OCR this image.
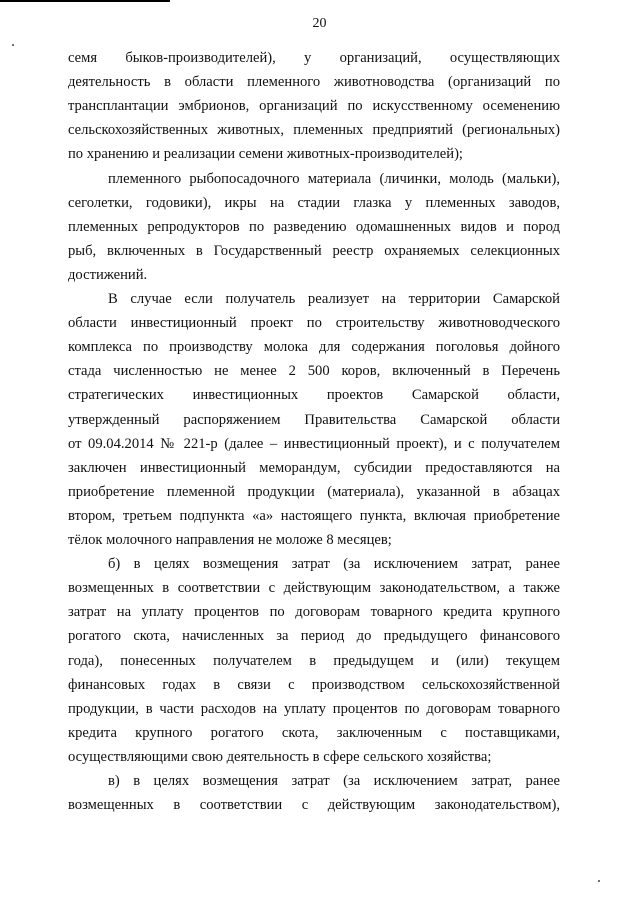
20
семя быков-производителей), у организаций, осуществляющих
деятельность в области племенного животноводства (организаций по
трансплантации эмбрионов, организаций по искусственному осеменению
сельскохозяйственных животных, племенных предприятий (региональных)
по хранению и реализации семени животных-производителей);
племенного рыбопосадочного материала (личинки, молодь (мальки),
сеголетки, годовики), икры на стадии глазка у племенных заводов,
племенных репродукторов по разведению одомашненных видов и пород
рыб, включенных в Государственный реестр охраняемых селекционных
достижений.
В случае если получатель реализует на территории Самарской
области инвестиционный проект по строительству животноводческого
комплекса по производству молока для содержания поголовья дойного
стада численностью не менее 2 500 коров, включенный в Перечень
стратегических инвестиционных проектов Самарской области,
утвержденный распоряжением Правительства Самарской области
от 09.04.2014 № 221-р (далее – инвестиционный проект), и с получателем
заключен инвестиционный меморандум, субсидии предоставляются на
приобретение племенной продукции (материала), указанной в абзацах
втором, третьем подпункта «а» настоящего пункта, включая приобретение
тёлок молочного направления не моложе 8 месяцев;
б) в целях возмещения затрат (за исключением затрат, ранее
возмещенных в соответствии с действующим законодательством, а также
затрат на уплату процентов по договорам товарного кредита крупного
рогатого скота, начисленных за период до предыдущего финансового
года), понесенных получателем в предыдущем и (или) текущем
финансовых годах в связи с производством сельскохозяйственной
продукции, в части расходов на уплату процентов по договорам товарного
кредита крупного рогатого скота, заключенным с поставщиками,
осуществляющими свою деятельность в сфере сельского хозяйства;
в) в целях возмещения затрат (за исключением затрат, ранее
возмещенных в соответствии с действующим законодательством),
